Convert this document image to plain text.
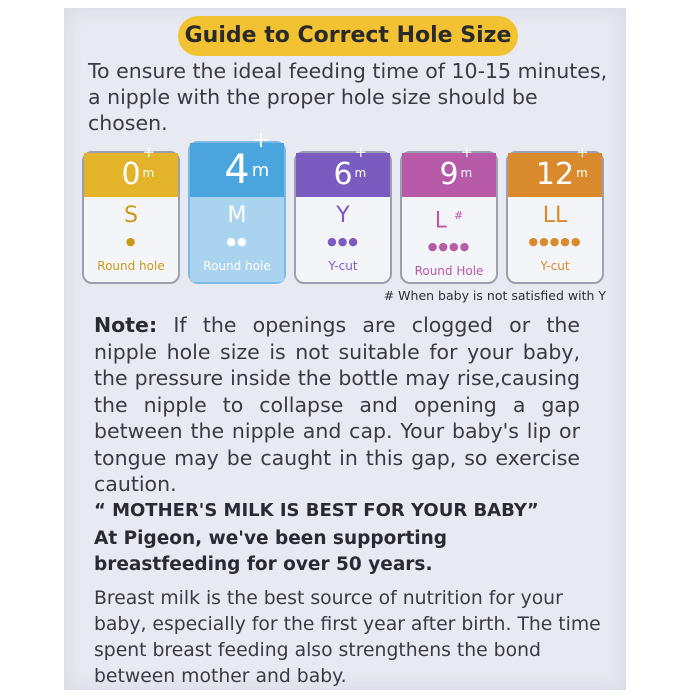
Guide to Correct Hole Size
To ensure the ideal feeding time of 10-15 minutes, a nipple with the proper hole size should be chosen.
0
+
m
S
●
Round hole
4
+
m
M
●●
Round hole
6
+
m
Y
●●●
Y-cut
9
+
m
L #
●●●●
Round Hole
12
+
m
LL
●●●●●
Y-cut
# When baby is not satisfied with Y
Note: If the openings are clogged or the nipple hole size is not suitable for your baby, the pressure inside the bottle may rise,causing the nipple to collapse and opening a gap between the nipple and cap. Your baby's lip or tongue may be caught in this gap, so exercise caution.
“ MOTHER'S MILK IS BEST FOR YOUR BABY”
At Pigeon, we've been supporting breastfeeding for over 50 years.
Breast milk is the best source of nutrition for your baby, especially for the first year after birth. The time spent breast feeding also strengthens the bond between mother and baby.
